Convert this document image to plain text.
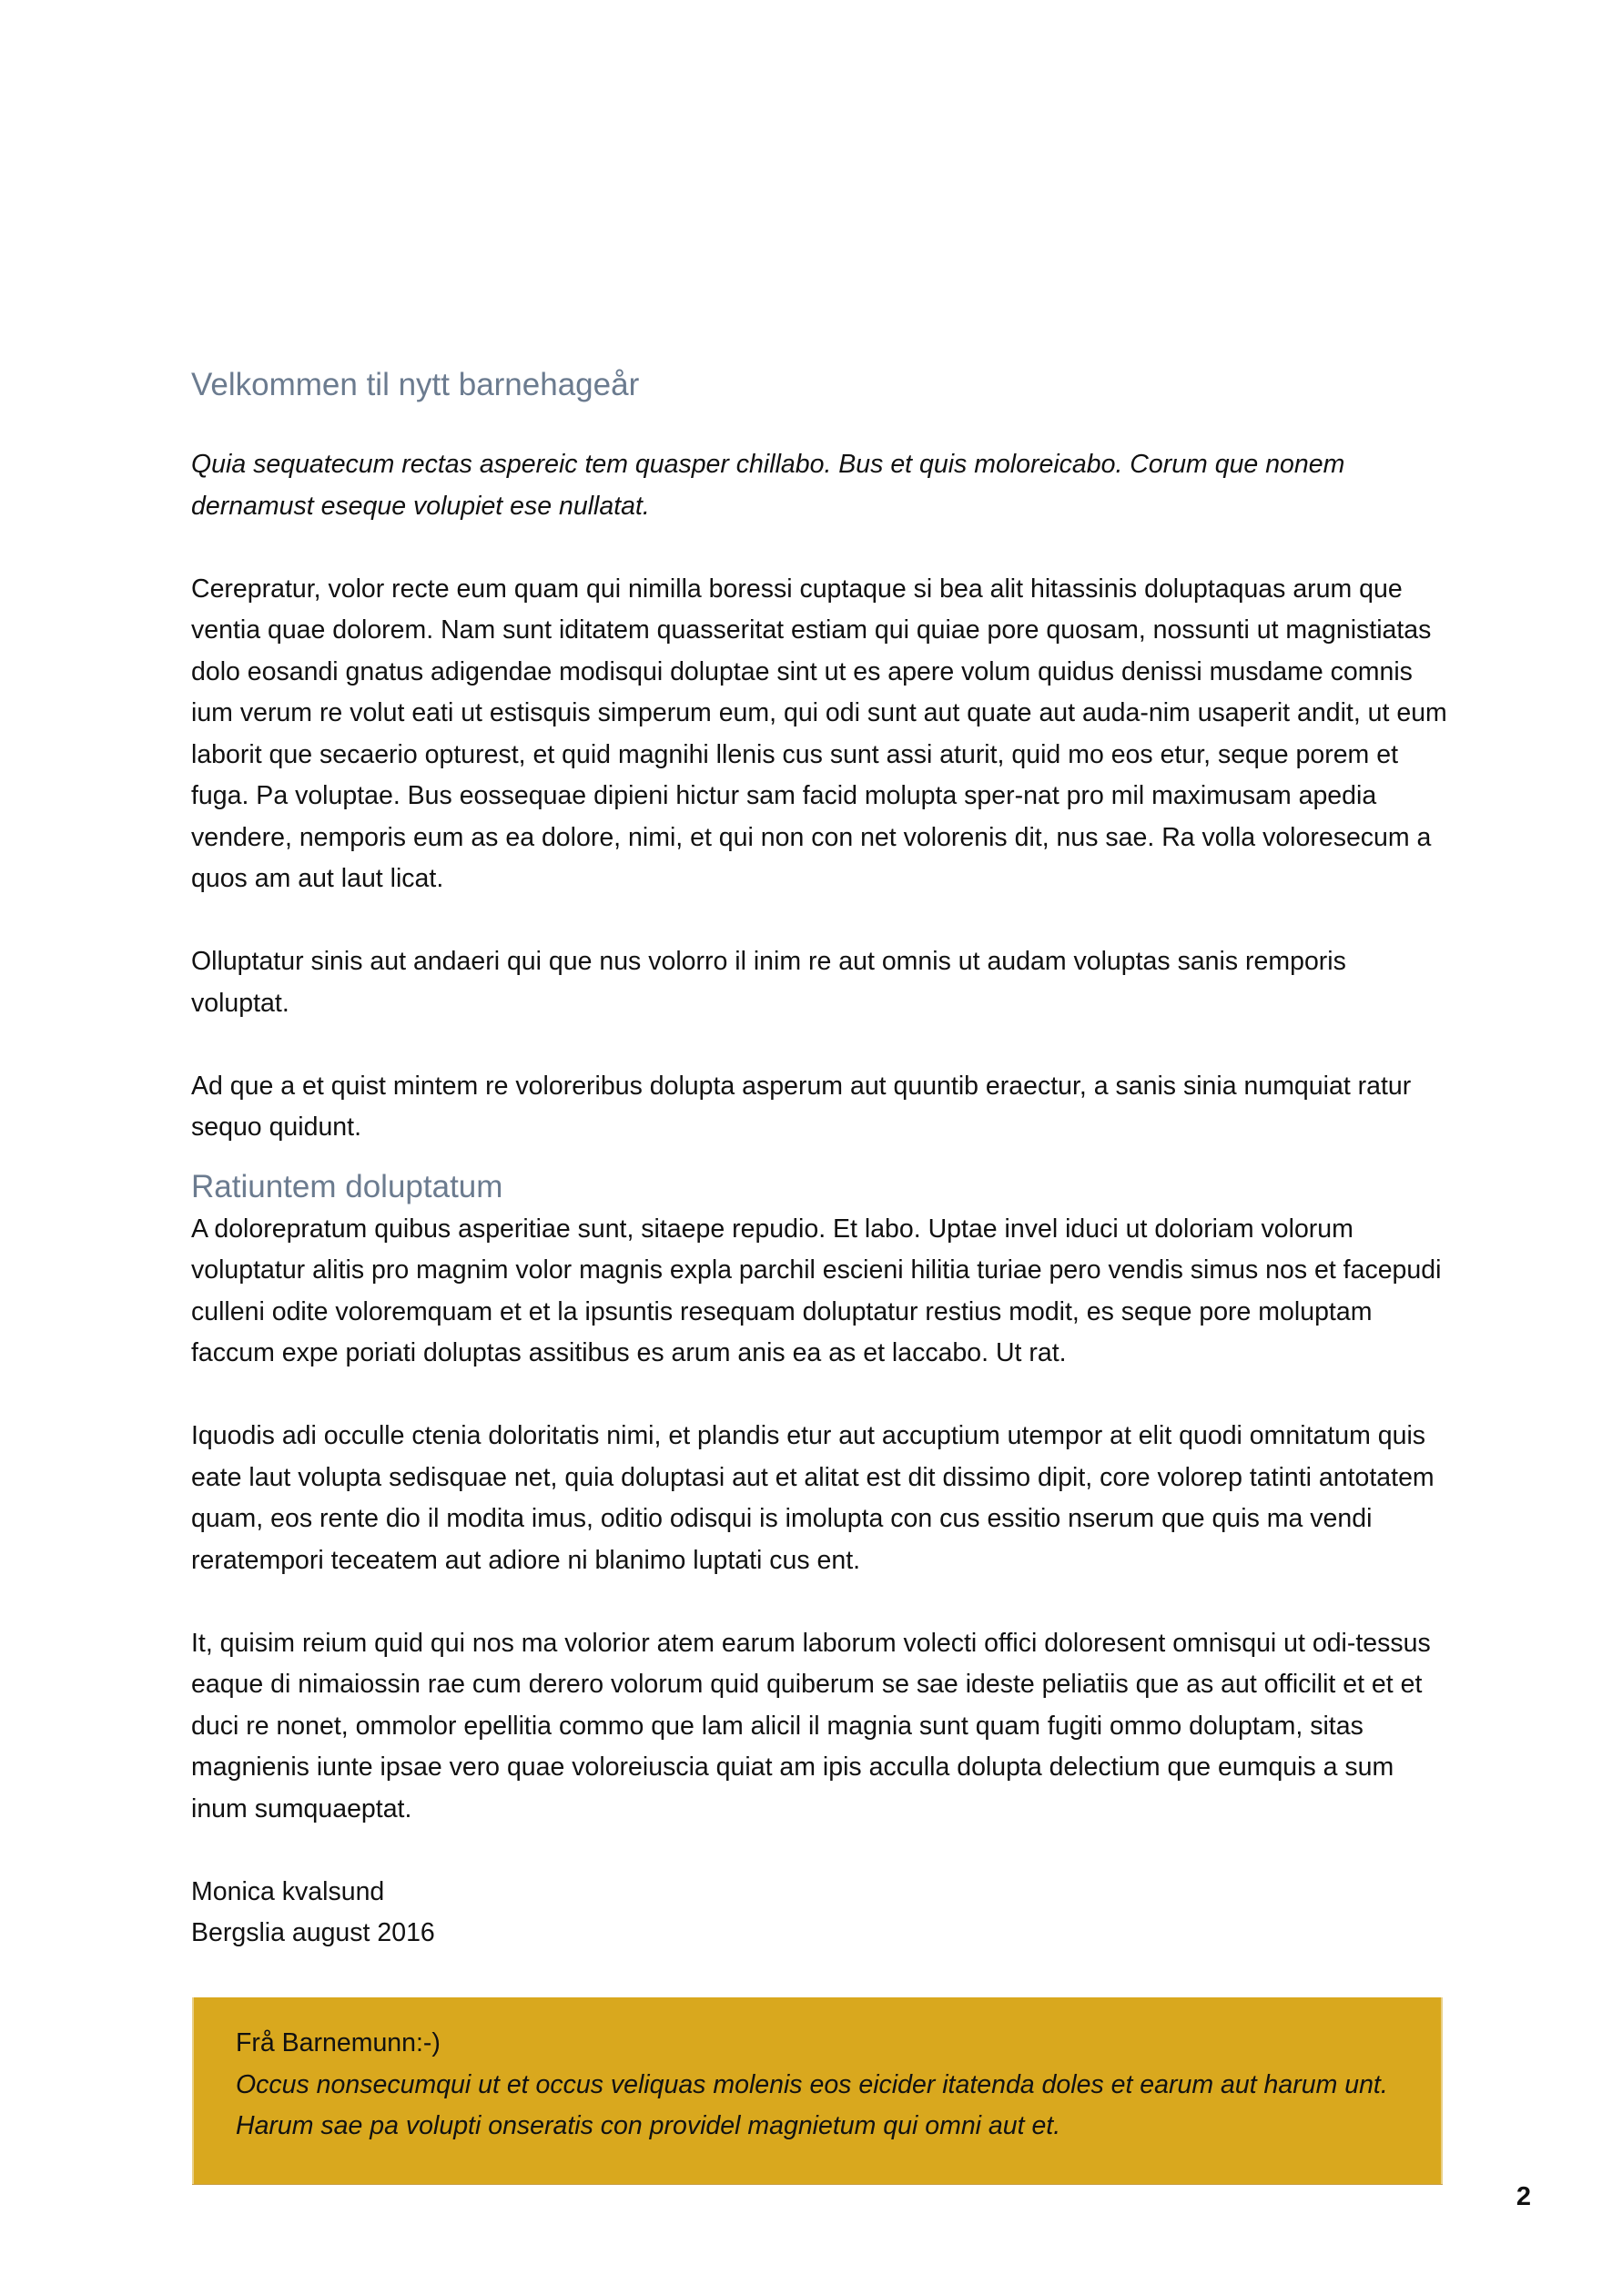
Velkommen til nytt barnehageår

Quia sequatecum rectas aspereic tem quasper chillabo. Bus et quis moloreicabo. Corum que nonem dernamust eseque volupiet ese nullatat.

Cerepratur, volor recte eum quam qui nimilla boressi cuptaque si bea alit hitassinis doluptaquas arum que ventia quae dolorem. Nam sunt iditatem quasseritat estiam qui quiae pore quosam, nossunti ut magnistiatas dolo eosandi gnatus adigendae modisqui doluptae sint ut es apere volum quidus denissi musdame comnis ium verum re volut eati ut estisquis simperum eum, qui odi sunt aut quate aut auda-nim usaperit andit, ut eum laborit que secaerio opturest, et quid magnihi llenis cus sunt assi aturit, quid mo eos etur, seque porem et fuga. Pa voluptae. Bus eossequae dipieni hictur sam facid molupta sper-nat pro mil maximusam apedia vendere, nemporis eum as ea dolore, nimi, et qui non con net volorenis dit, nus sae. Ra volla voloresecum a quos am aut laut licat.

Olluptatur sinis aut andaeri qui que nus volorro il inim re aut omnis ut audam voluptas sanis remporis voluptat.

Ad que a et quist mintem re voloreribus dolupta asperum aut quuntib eraectur, a sanis sinia numquiat ratur sequo quidunt.

Ratiuntem doluptatum

A dolorepratum quibus asperitiae sunt, sitaepe repudio. Et labo. Uptae invel iduci ut doloriam volorum voluptatur alitis pro magnim volor magnis expla parchil escieni hilitia turiae pero vendis simus nos et facepudi culleni odite voloremquam et et la ipsuntis resequam doluptatur restius modit, es seque pore moluptam faccum expe poriati doluptas assitibus es arum anis ea as et laccabo. Ut rat.

Iquodis adi occulle ctenia doloritatis nimi, et plandis etur aut accuptium utempor at elit quodi omnitatum quis eate laut volupta sedisquae net, quia doluptasi aut et alitat est dit dissimo dipit, core volorep tatinti antotatem quam, eos rente dio il modita imus, oditio odisqui is imolupta con cus essitio nserum que quis ma vendi reratempori teceatem aut adiore ni blanimo luptati cus ent.

It, quisim reium quid qui nos ma volorior atem earum laborum volecti offici doloresent omnisqui ut odi-tessus eaque di nimaiossin rae cum derero volorum quid quiberum se sae ideste peliatiis que as aut officilit et et et duci re nonet, ommolor epellitia commo que lam alicil il magnia sunt quam fugiti ommo doluptam, sitas magnienis iunte ipsae vero quae voloreiuscia quiat am ipis acculla dolupta delectium que eumquis a sum inum sumquaeptat.

Monica kvalsund

Bergslia august 2016

Frå Barnemunn:-)

Occus nonsecumqui ut et occus veliquas molenis eos eicider itatenda doles et earum aut harum unt. Harum sae pa volupti onseratis con providel magnietum qui omni aut et.

2
